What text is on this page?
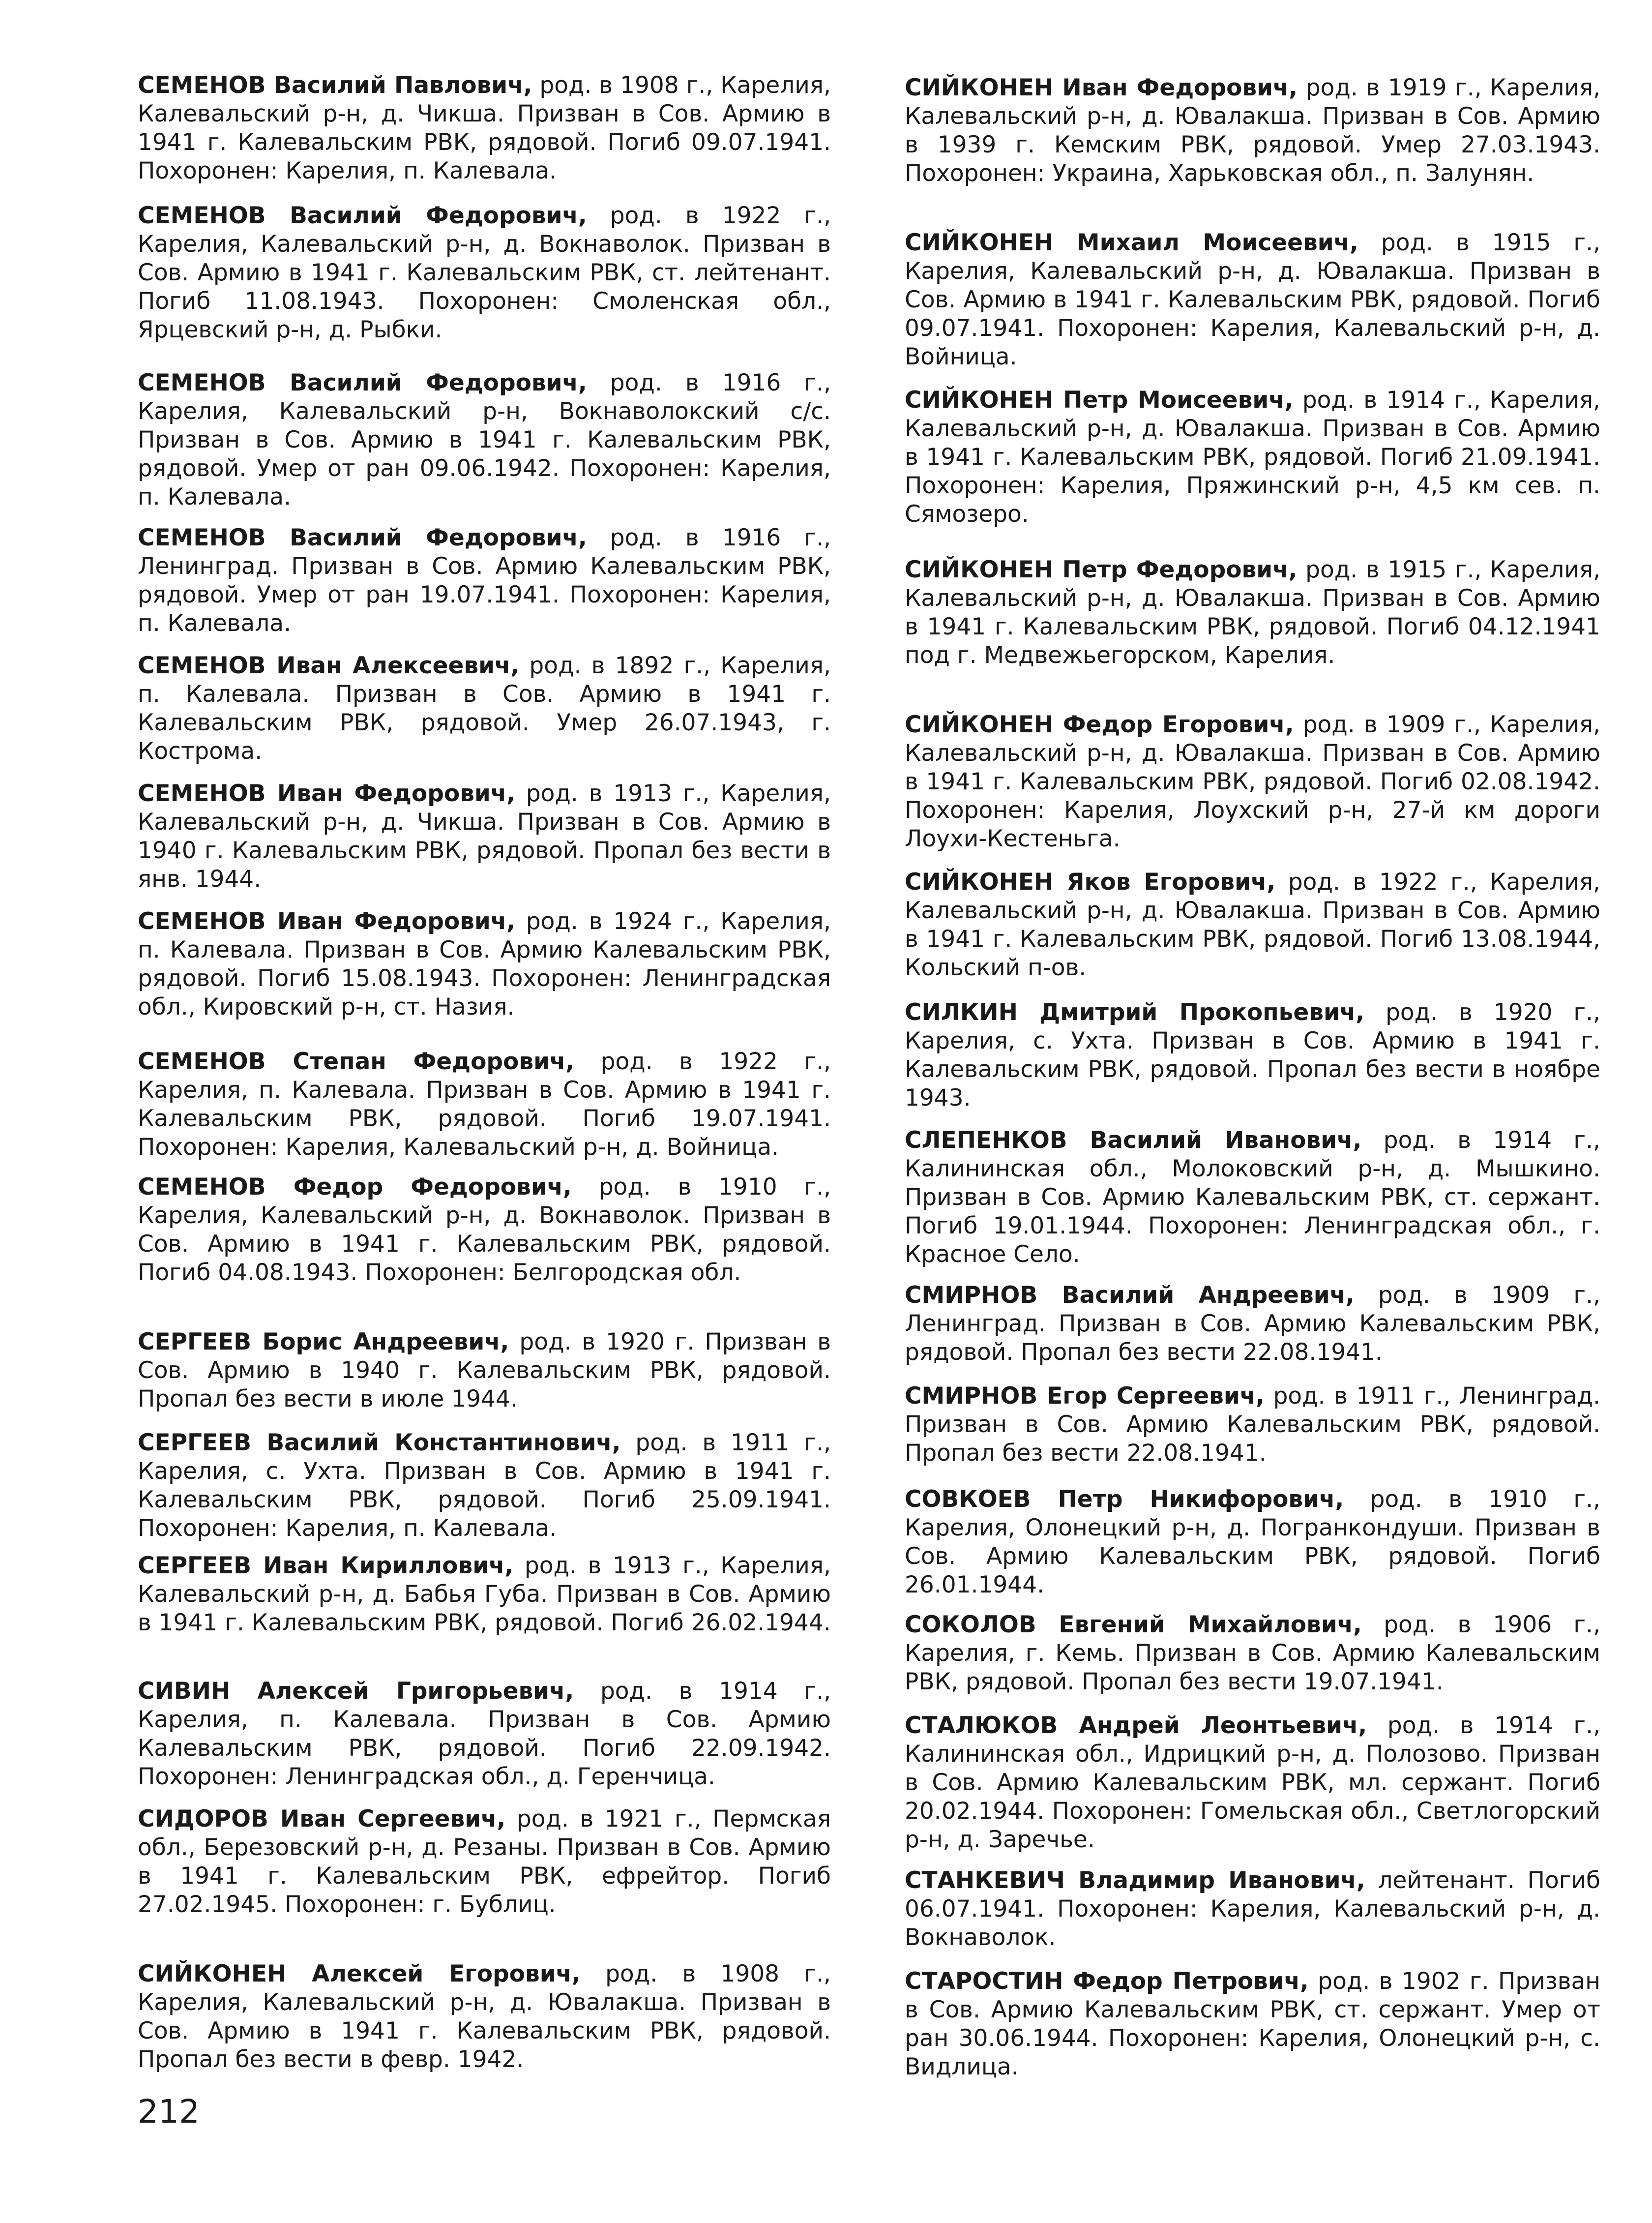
СЕМЕНОВ Василий Павлович, род. в 1908 г., Карелия, Калевальский р-н, д. Чикша. Призван в Сов. Армию в 1941 г. Калевальским РВК, рядовой. Погиб 09.07.1941. Похоронен: Карелия, п. Калевала.

СЕМЕНОВ Василий Федорович, род. в 1922 г., Карелия, Калевальский р-н, д. Вокнаволок. Призван в Сов. Армию в 1941 г. Калевальским РВК, ст. лейтенант. Погиб 11.08.1943. Похоронен: Смоленская обл., Ярцевский р-н, д. Рыбки.

СЕМЕНОВ Василий Федорович, род. в 1916 г., Карелия, Калевальский р-н, Вокнаволокский с/с. Призван в Сов. Армию в 1941 г. Калевальским РВК, рядовой. Умер от ран 09.06.1942. Похоронен: Карелия, п. Калевала.

СЕМЕНОВ Василий Федорович, род. в 1916 г., Ленинград. Призван в Сов. Армию Калевальским РВК, рядовой. Умер от ран 19.07.1941. Похоронен: Карелия, п. Калевала.

СЕМЕНОВ Иван Алексеевич, род. в 1892 г., Карелия, п. Калевала. Призван в Сов. Армию в 1941 г. Калевальским РВК, рядовой. Умер 26.07.1943, г. Кострома.

СЕМЕНОВ Иван Федорович, род. в 1913 г., Карелия, Калевальский р-н, д. Чикша. Призван в Сов. Армию в 1940 г. Калевальским РВК, рядовой. Пропал без вести в янв. 1944.

СЕМЕНОВ Иван Федорович, род. в 1924 г., Карелия, п. Калевала. Призван в Сов. Армию Калевальским РВК, рядовой. Погиб 15.08.1943. Похоронен: Ленинградская обл., Кировский р-н, ст. Назия.

СЕМЕНОВ Степан Федорович, род. в 1922 г., Карелия, п. Калевала. Призван в Сов. Армию в 1941 г. Калевальским РВК, рядовой. Погиб 19.07.1941. Похоронен: Карелия, Калевальский р-н, д. Войница.

СЕМЕНОВ Федор Федорович, род. в 1910 г., Карелия, Калевальский р-н, д. Вокнаволок. Призван в Сов. Армию в 1941 г. Калевальским РВК, рядовой. Погиб 04.08.1943. Похоронен: Белгородская обл.

СЕРГЕЕВ Борис Андреевич, род. в 1920 г. Призван в Сов. Армию в 1940 г. Калевальским РВК, рядовой. Пропал без вести в июле 1944.

СЕРГЕЕВ Василий Константинович, род. в 1911 г., Карелия, с. Ухта. Призван в Сов. Армию в 1941 г. Калевальским РВК, рядовой. Погиб 25.09.1941. Похоронен: Карелия, п. Калевала.

СЕРГЕЕВ Иван Кириллович, род. в 1913 г., Карелия, Калевальский р-н, д. Бабья Губа. Призван в Сов. Армию в 1941 г. Калевальским РВК, рядовой. Погиб 26.02.1944.

СИВИН Алексей Григорьевич, род. в 1914 г., Карелия, п. Калевала. Призван в Сов. Армию Калевальским РВК, рядовой. Погиб 22.09.1942. Похоронен: Ленинградская обл., д. Геренчица.

СИДОРОВ Иван Сергеевич, род. в 1921 г., Пермская обл., Березовский р-н, д. Резаны. Призван в Сов. Армию в 1941 г. Калевальским РВК, ефрейтор. Погиб 27.02.1945. Похоронен: г. Бублиц.

СИЙКОНЕН Алексей Егорович, род. в 1908 г., Карелия, Калевальский р-н, д. Ювалакша. Призван в Сов. Армию в 1941 г. Калевальским РВК, рядовой. Пропал без вести в февр. 1942.

СИЙКОНЕН Иван Федорович, род. в 1919 г., Карелия, Калевальский р-н, д. Ювалакша. Призван в Сов. Армию в 1939 г. Кемским РВК, рядовой. Умер 27.03.1943. Похоронен: Украина, Харьковская обл., п. Залунян.

СИЙКОНЕН Михаил Моисеевич, род. в 1915 г., Карелия, Калевальский р-н, д. Ювалакша. Призван в Сов. Армию в 1941 г. Калевальским РВК, рядовой. Погиб 09.07.1941. Похоронен: Карелия, Калевальский р-н, д. Войница.

СИЙКОНЕН Петр Моисеевич, род. в 1914 г., Карелия, Калевальский р-н, д. Ювалакша. Призван в Сов. Армию в 1941 г. Калевальским РВК, рядовой. Погиб 21.09.1941. Похоронен: Карелия, Пряжинский р-н, 4,5 км сев. п. Сямозеро.

СИЙКОНЕН Петр Федорович, род. в 1915 г., Карелия, Калевальский р-н, д. Ювалакша. Призван в Сов. Армию в 1941 г. Калевальским РВК, рядовой. Погиб 04.12.1941 под г. Медвежьегорском, Карелия.

СИЙКОНЕН Федор Егорович, род. в 1909 г., Карелия, Калевальский р-н, д. Ювалакша. Призван в Сов. Армию в 1941 г. Калевальским РВК, рядовой. Погиб 02.08.1942. Похоронен: Карелия, Лоухский р-н, 27-й км дороги Лоухи-Кестеньга.

СИЙКОНЕН Яков Егорович, род. в 1922 г., Карелия, Калевальский р-н, д. Ювалакша. Призван в Сов. Армию в 1941 г. Калевальским РВК, рядовой. Погиб 13.08.1944, Кольский п-ов.

СИЛКИН Дмитрий Прокопьевич, род. в 1920 г., Карелия, с. Ухта. Призван в Сов. Армию в 1941 г. Калевальским РВК, рядовой. Пропал без вести в ноябре 1943.

СЛЕПЕНКОВ Василий Иванович, род. в 1914 г., Калининская обл., Молоковский р-н, д. Мышкино. Призван в Сов. Армию Калевальским РВК, ст. сержант. Погиб 19.01.1944. Похоронен: Ленинградская обл., г. Красное Село.

СМИРНОВ Василий Андреевич, род. в 1909 г., Ленинград. Призван в Сов. Армию Калевальским РВК, рядовой. Пропал без вести 22.08.1941.

СМИРНОВ Егор Сергеевич, род. в 1911 г., Ленинград. Призван в Сов. Армию Калевальским РВК, рядовой. Пропал без вести 22.08.1941.

СОВКОЕВ Петр Никифорович, род. в 1910 г., Карелия, Олонецкий р-н, д. Погранкондуши. Призван в Сов. Армию Калевальским РВК, рядовой. Погиб 26.01.1944.

СОКОЛОВ Евгений Михайлович, род. в 1906 г., Карелия, г. Кемь. Призван в Сов. Армию Калевальским РВК, рядовой. Пропал без вести 19.07.1941.

СТАЛЮКОВ Андрей Леонтьевич, род. в 1914 г., Калининская обл., Идрицкий р-н, д. Полозово. Призван в Сов. Армию Калевальским РВК, мл. сержант. Погиб 20.02.1944. Похоронен: Гомельская обл., Светлогорский р-н, д. Заречье.

СТАНКЕВИЧ Владимир Иванович, лейтенант. Погиб 06.07.1941. Похоронен: Карелия, Калевальский р-н, д. Вокнаволок.

СТАРОСТИН Федор Петрович, род. в 1902 г. Призван в Сов. Армию Калевальским РВК, ст. сержант. Умер от ран 30.06.1944. Похоронен: Карелия, Олонецкий р-н, с. Видлица.

212
